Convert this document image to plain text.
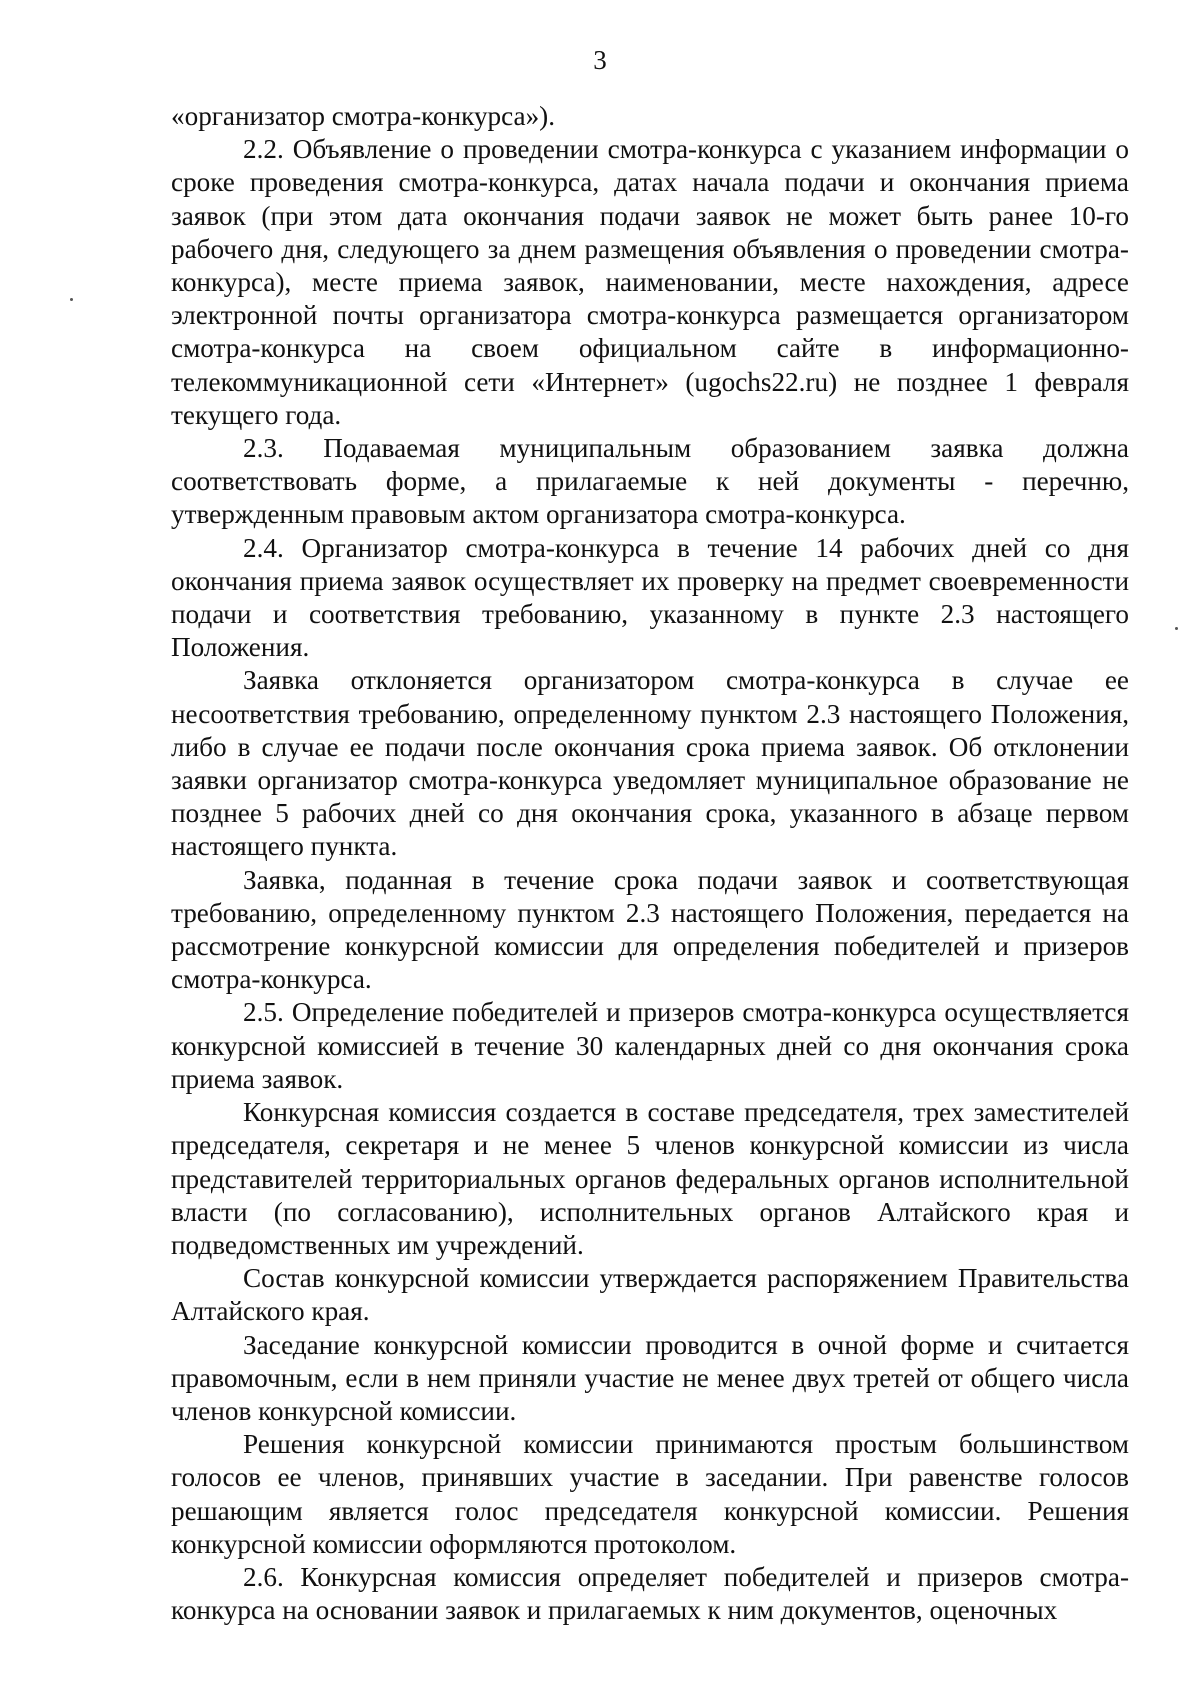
3

«организатор смотра-конкурса»).

2.2. Объявление о проведении смотра-конкурса с указанием информации о сроке проведения смотра-конкурса, датах начала подачи и окончания приема заявок (при этом дата окончания подачи заявок не может быть ранее 10-го рабочего дня, следующего за днем размещения объявления о проведении смотра-конкурса), месте приема заявок, наименовании, месте нахождения, адресе электронной почты организатора смотра-конкурса размещается организатором смотра-конкурса на своем официальном сайте в информационно-телекоммуникационной сети «Интернет» (ugochs22.ru) не позднее 1 февраля текущего года.

2.3. Подаваемая муниципальным образованием заявка должна соответствовать форме, а прилагаемые к ней документы - перечню, утвержденным правовым актом организатора смотра-конкурса.

2.4. Организатор смотра-конкурса в течение 14 рабочих дней со дня окончания приема заявок осуществляет их проверку на предмет своевременности подачи и соответствия требованию, указанному в пункте 2.3 настоящего Положения.

Заявка отклоняется организатором смотра-конкурса в случае ее несоответствия требованию, определенному пунктом 2.3 настоящего Положения, либо в случае ее подачи после окончания срока приема заявок. Об отклонении заявки организатор смотра-конкурса уведомляет муниципальное образование не позднее 5 рабочих дней со дня окончания срока, указанного в абзаце первом настоящего пункта.

Заявка, поданная в течение срока подачи заявок и соответствующая требованию, определенному пунктом 2.3 настоящего Положения, передается на рассмотрение конкурсной комиссии для определения победителей и призеров смотра-конкурса.

2.5. Определение победителей и призеров смотра-конкурса осуществляется конкурсной комиссией в течение 30 календарных дней со дня окончания срока приема заявок.

Конкурсная комиссия создается в составе председателя, трех заместителей председателя, секретаря и не менее 5 членов конкурсной комиссии из числа представителей территориальных органов федеральных органов исполнительной власти (по согласованию), исполнительных органов Алтайского края и подведомственных им учреждений.

Состав конкурсной комиссии утверждается распоряжением Правительства Алтайского края.

Заседание конкурсной комиссии проводится в очной форме и считается правомочным, если в нем приняли участие не менее двух третей от общего числа членов конкурсной комиссии.

Решения конкурсной комиссии принимаются простым большинством голосов ее членов, принявших участие в заседании. При равенстве голосов решающим является голос председателя конкурсной комиссии. Решения конкурсной комиссии оформляются протоколом.

2.6. Конкурсная комиссия определяет победителей и призеров смотра-конкурса на основании заявок и прилагаемых к ним документов, оценочных
